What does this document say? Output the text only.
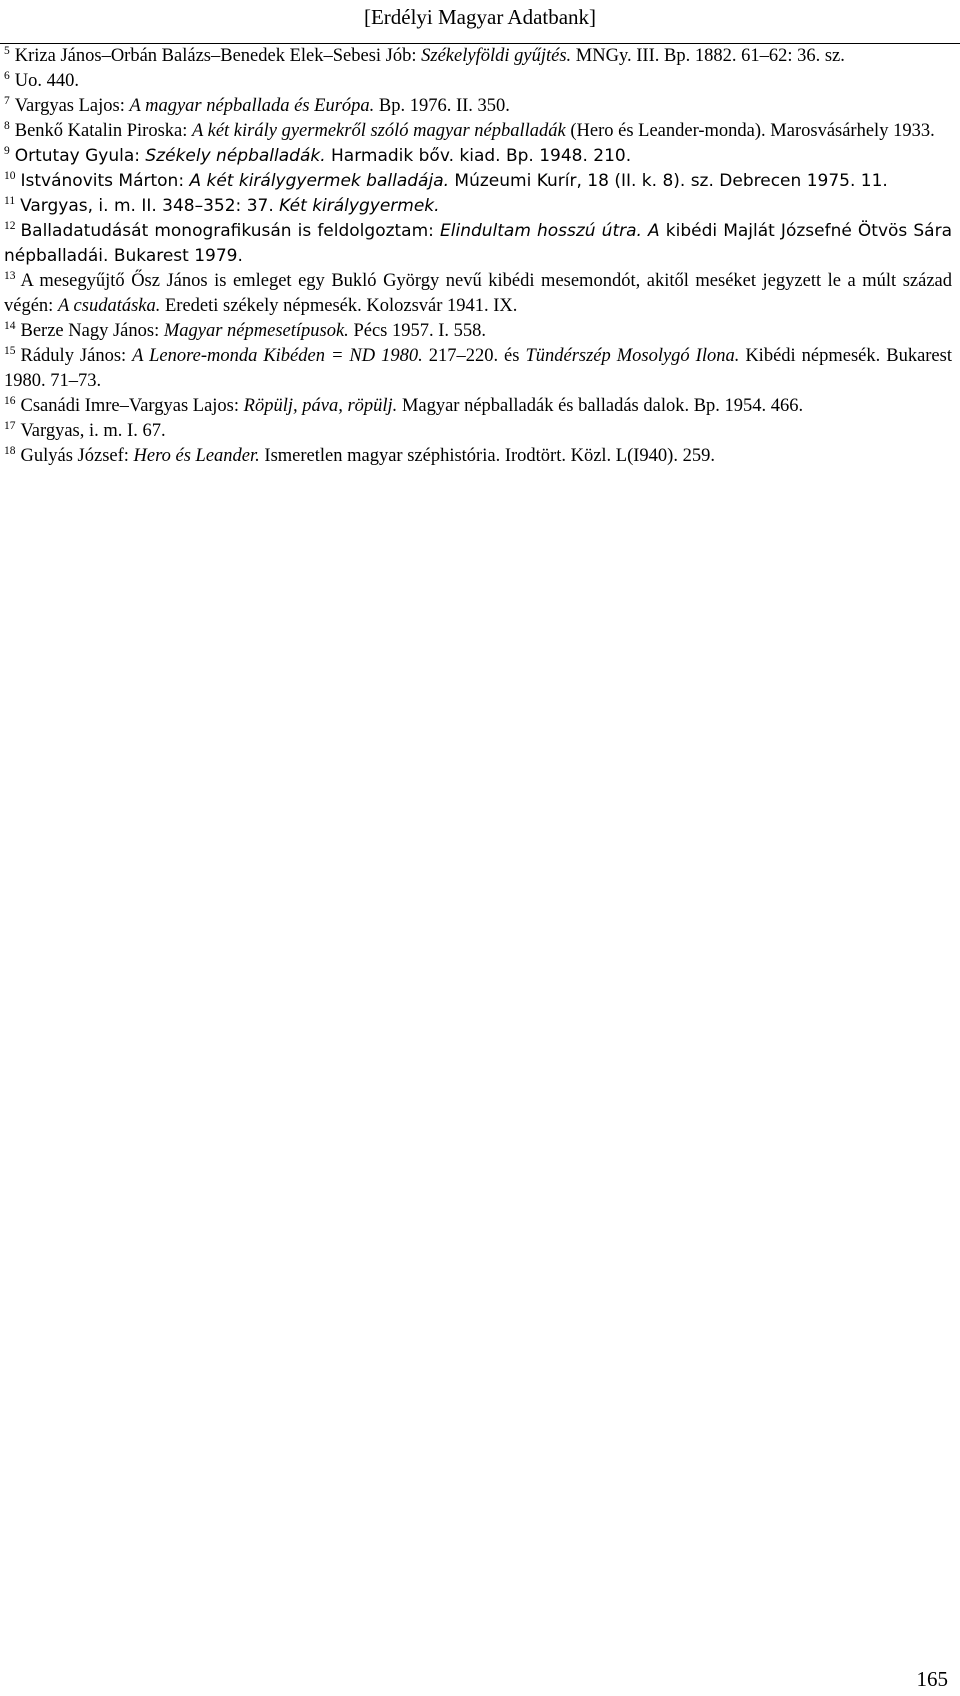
[Erdélyi Magyar Adatbank]

$^5$ Kriza János–Orbán Balázs–Benedek Elek–Sebesi Jób: Székelyföldi gyűjtés. MNGy. III. Bp. 1882. 61–62: 36. sz.

$^6$ Uo. 440.

$^7$ Vargyas Lajos: A magyar népballada és Európa. Bp. 1976. II. 350.

$^8$ Benkő Katalin Piroska: A két király gyermekről szóló magyar népballadák (Hero és Leander-monda). Marosvásárhely 1933.

$^9$ Ortutay Gyula: Székely népballadák. Harmadik bőv. kiad. Bp. 1948. 210.

$^{10}$ Istvánovits Márton: A két királygyermek balladája. Múzeumi Kurír, 18 (II. k. 8). sz. Debrecen 1975. 11.

$^{11}$ Vargyas, i. m. II. 348–352: 37. Két királygyermek.

$^{12}$ Balladatudását monografikusán is feldolgoztam: Elindultam hosszú útra. A kibédi Majlát Józsefné Ötvös Sára népballadái. Bukarest 1979.

$^{13}$ A mesegyűjtő Ősz János is emleget egy Bukló György nevű kibédi mesemondót, akitől meséket jegyzett le a múlt század végén: A csudatáska. Eredeti székely népmesék. Kolozsvár 1941. IX.

$^{14}$ Berze Nagy János: Magyar népmesetípusok. Pécs 1957. I. 558.

$^{15}$ Ráduly János: A Lenore-monda Kibéden = ND 1980. 217–220. és Tündérszép Mosolygó Ilona. Kibédi népmesék. Bukarest 1980. 71–73.

$^{16}$ Csanádi Imre–Vargyas Lajos: Röpülj, páva, röpülj. Magyar népballadák és balladás dalok. Bp. 1954. 466.

$^{17}$ Vargyas, i. m. I. 67.

$^{18}$ Gulyás József: Hero és Leander. Ismeretlen magyar széphistória. Irodtört. Közl. L(I940). 259.

165
